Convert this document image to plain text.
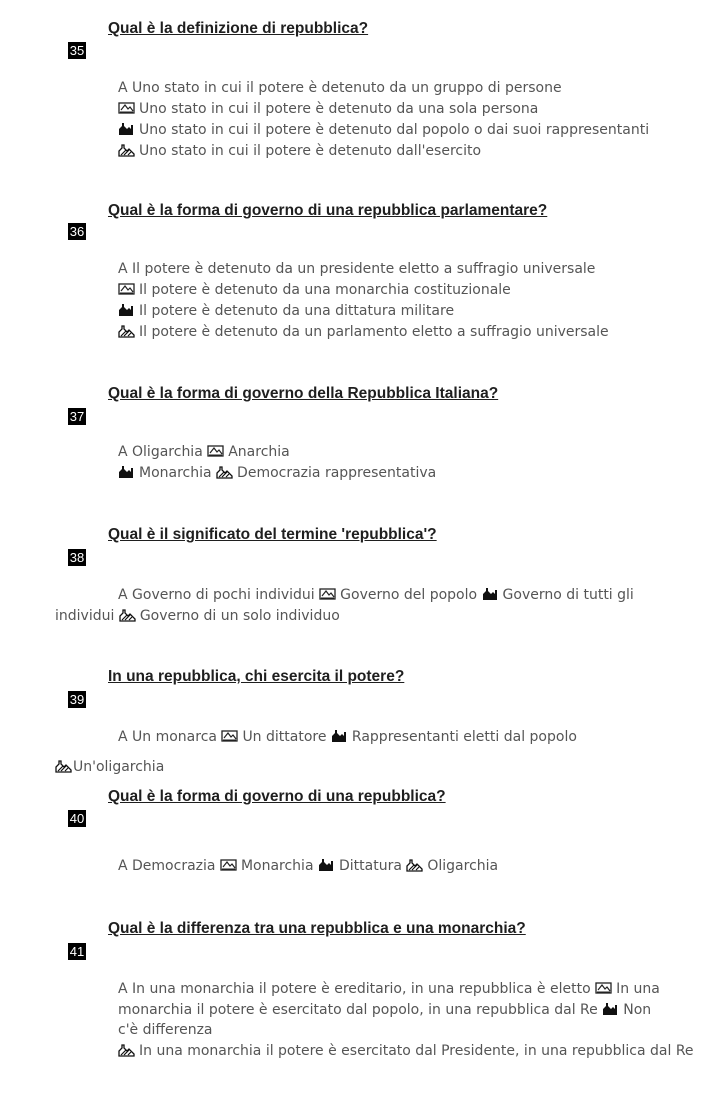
Qual è la definizione di repubblica?
35
A Uno stato in cui il potere è detenuto da un gruppo di persone
Uno stato in cui il potere è detenuto da una sola persona
Uno stato in cui il potere è detenuto dal popolo o dai suoi rappresentanti
Uno stato in cui il potere è detenuto dall'esercito
Qual è la forma di governo di una repubblica parlamentare?
36
A Il potere è detenuto da un presidente eletto a suffragio universale
Il potere è detenuto da una monarchia costituzionale
Il potere è detenuto da una dittatura militare
Il potere è detenuto da un parlamento eletto a suffragio universale
Qual è la forma di governo della Repubblica Italiana?
37
A Oligarchia Anarchia
Monarchia Democrazia rappresentativa
Qual è il significato del termine 'repubblica'?
38
A Governo di pochi individui Governo del popolo Governo di tutti gli
individui Governo di un solo individuo
In una repubblica, chi esercita il potere?
39
A Un monarca Un dittatore Rappresentanti eletti dal popolo
Un'oligarchia
Qual è la forma di governo di una repubblica?
40
A Democrazia Monarchia Dittatura Oligarchia
Qual è la differenza tra una repubblica e una monarchia?
41
A In una monarchia il potere è ereditario, in una repubblica è eletto In una
monarchia il potere è esercitato dal popolo, in una repubblica dal Re Non
c'è differenza
In una monarchia il potere è esercitato dal Presidente, in una repubblica dal Re
